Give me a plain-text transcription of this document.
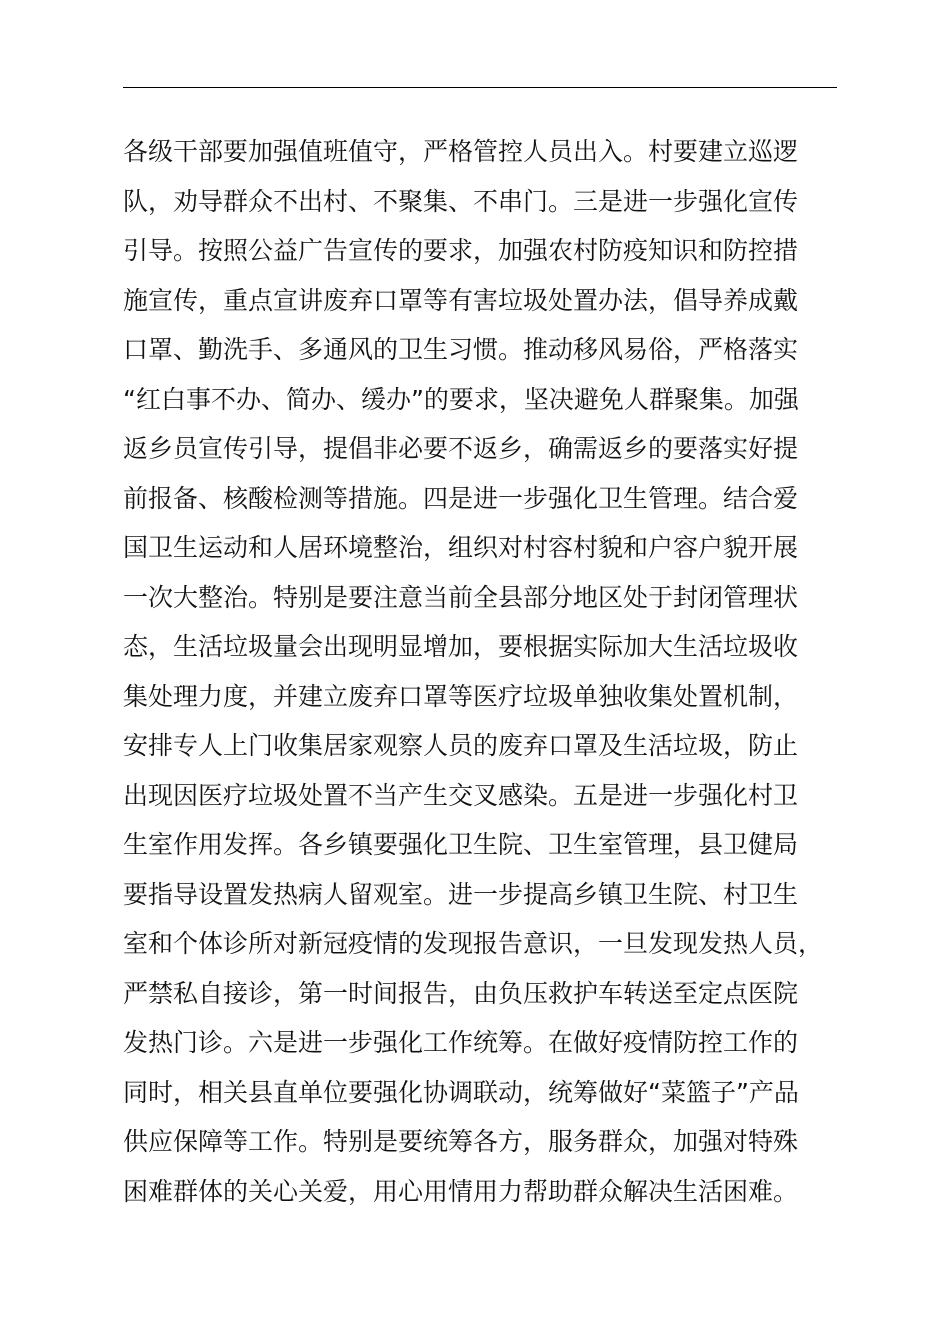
各级干部要加强值班值守，严格管控人员出入。村要建立巡逻
队，劝导群众不出村、不聚集、不串门。三是进一步强化宣传
引导。按照公益广告宣传的要求，加强农村防疫知识和防控措
施宣传，重点宣讲废弃口罩等有害垃圾处置办法，倡导养成戴
口罩、勤洗手、多通风的卫生习惯。推动移风易俗，严格落实
“红白事不办、简办、缓办”的要求，坚决避免人群聚集。加强
返乡员宣传引导，提倡非必要不返乡，确需返乡的要落实好提
前报备、核酸检测等措施。四是进一步强化卫生管理。结合爱
国卫生运动和人居环境整治，组织对村容村貌和户容户貌开展
一次大整治。特别是要注意当前全县部分地区处于封闭管理状
态，生活垃圾量会出现明显增加，要根据实际加大生活垃圾收
集处理力度，并建立废弃口罩等医疗垃圾单独收集处置机制，
安排专人上门收集居家观察人员的废弃口罩及生活垃圾，防止
出现因医疗垃圾处置不当产生交叉感染。五是进一步强化村卫
生室作用发挥。各乡镇要强化卫生院、卫生室管理，县卫健局
要指导设置发热病人留观室。进一步提高乡镇卫生院、村卫生
室和个体诊所对新冠疫情的发现报告意识，一旦发现发热人员，
严禁私自接诊，第一时间报告，由负压救护车转送至定点医院
发热门诊。六是进一步强化工作统筹。在做好疫情防控工作的
同时，相关县直单位要强化协调联动，统筹做好“菜篮子”产品
供应保障等工作。特别是要统筹各方，服务群众，加强对特殊
困难群体的关心关爱，用心用情用力帮助群众解决生活困难。
